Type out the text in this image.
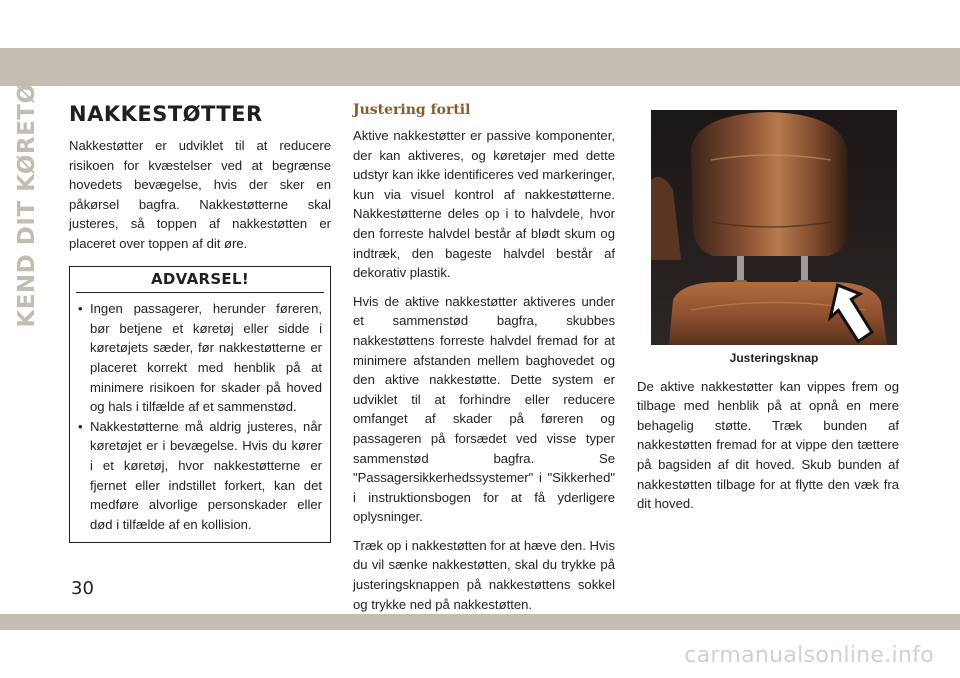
KEND DIT KØRETØJ NAKKESTØTTER

Nakkestøtter er udviklet til at reducere risikoen for kvæstelser ved at begrænse hovedets bevægelse, hvis der sker en påkørsel bagfra. Nakkestøtterne skal justeres, så toppen af nakkestøtten er placeret over toppen af dit øre.

ADVARSEL!
• Ingen passagerer, herunder føreren, bør betjene et køretøj eller sidde i køretøjets sæder, før nakkestøtterne er placeret korrekt med henblik på at minimere risikoen for skader på hoved og hals i tilfælde af et sammenstød.
• Nakkestøtterne må aldrig justeres, når køretøjet er i bevægelse. Hvis du kører i et køretøj, hvor nakkestøtterne er fjernet eller indstillet forkert, kan det medføre alvorlige personskader eller død i tilfælde af en kollision.
Justering fortil

Aktive nakkestøtter er passive komponenter, der kan aktiveres, og køretøjer med dette udstyr kan ikke identificeres ved markeringer, kun via visuel kontrol af nakkestøtterne. Nakkestøtterne deles op i to halvdele, hvor den forreste halvdel består af blødt skum og indtræk, den bageste halvdel består af dekorativ plastik.

Hvis de aktive nakkestøtter aktiveres under et sammenstød bagfra, skubbes nakkestøttens forreste halvdel fremad for at minimere afstanden mellem baghovedet og den aktive nakkestøtte. Dette system er udviklet til at forhindre eller reducere omfanget af skader på føreren og passageren på forsædet ved visse typer sammenstød bagfra. Se "Passagersikkerhedssystemer" i "Sikkerhed" i instruktionsbogen for at få yderligere oplysninger.

Træk op i nakkestøtten for at hæve den. Hvis du vil sænke nakkestøtten, skal du trykke på justeringsknappen på nakkestøttens sokkel og trykke ned på nakkestøtten.

Justeringsknap

De aktive nakkestøtter kan vippes frem og tilbage med henblik på at opnå en mere behagelig støtte. Træk bunden af nakkestøtten fremad for at vippe den tættere på bagsiden af dit hoved. Skub bunden af nakkestøtten tilbage for at flytte den væk fra dit hoved.

30
carmanualsonline.info
